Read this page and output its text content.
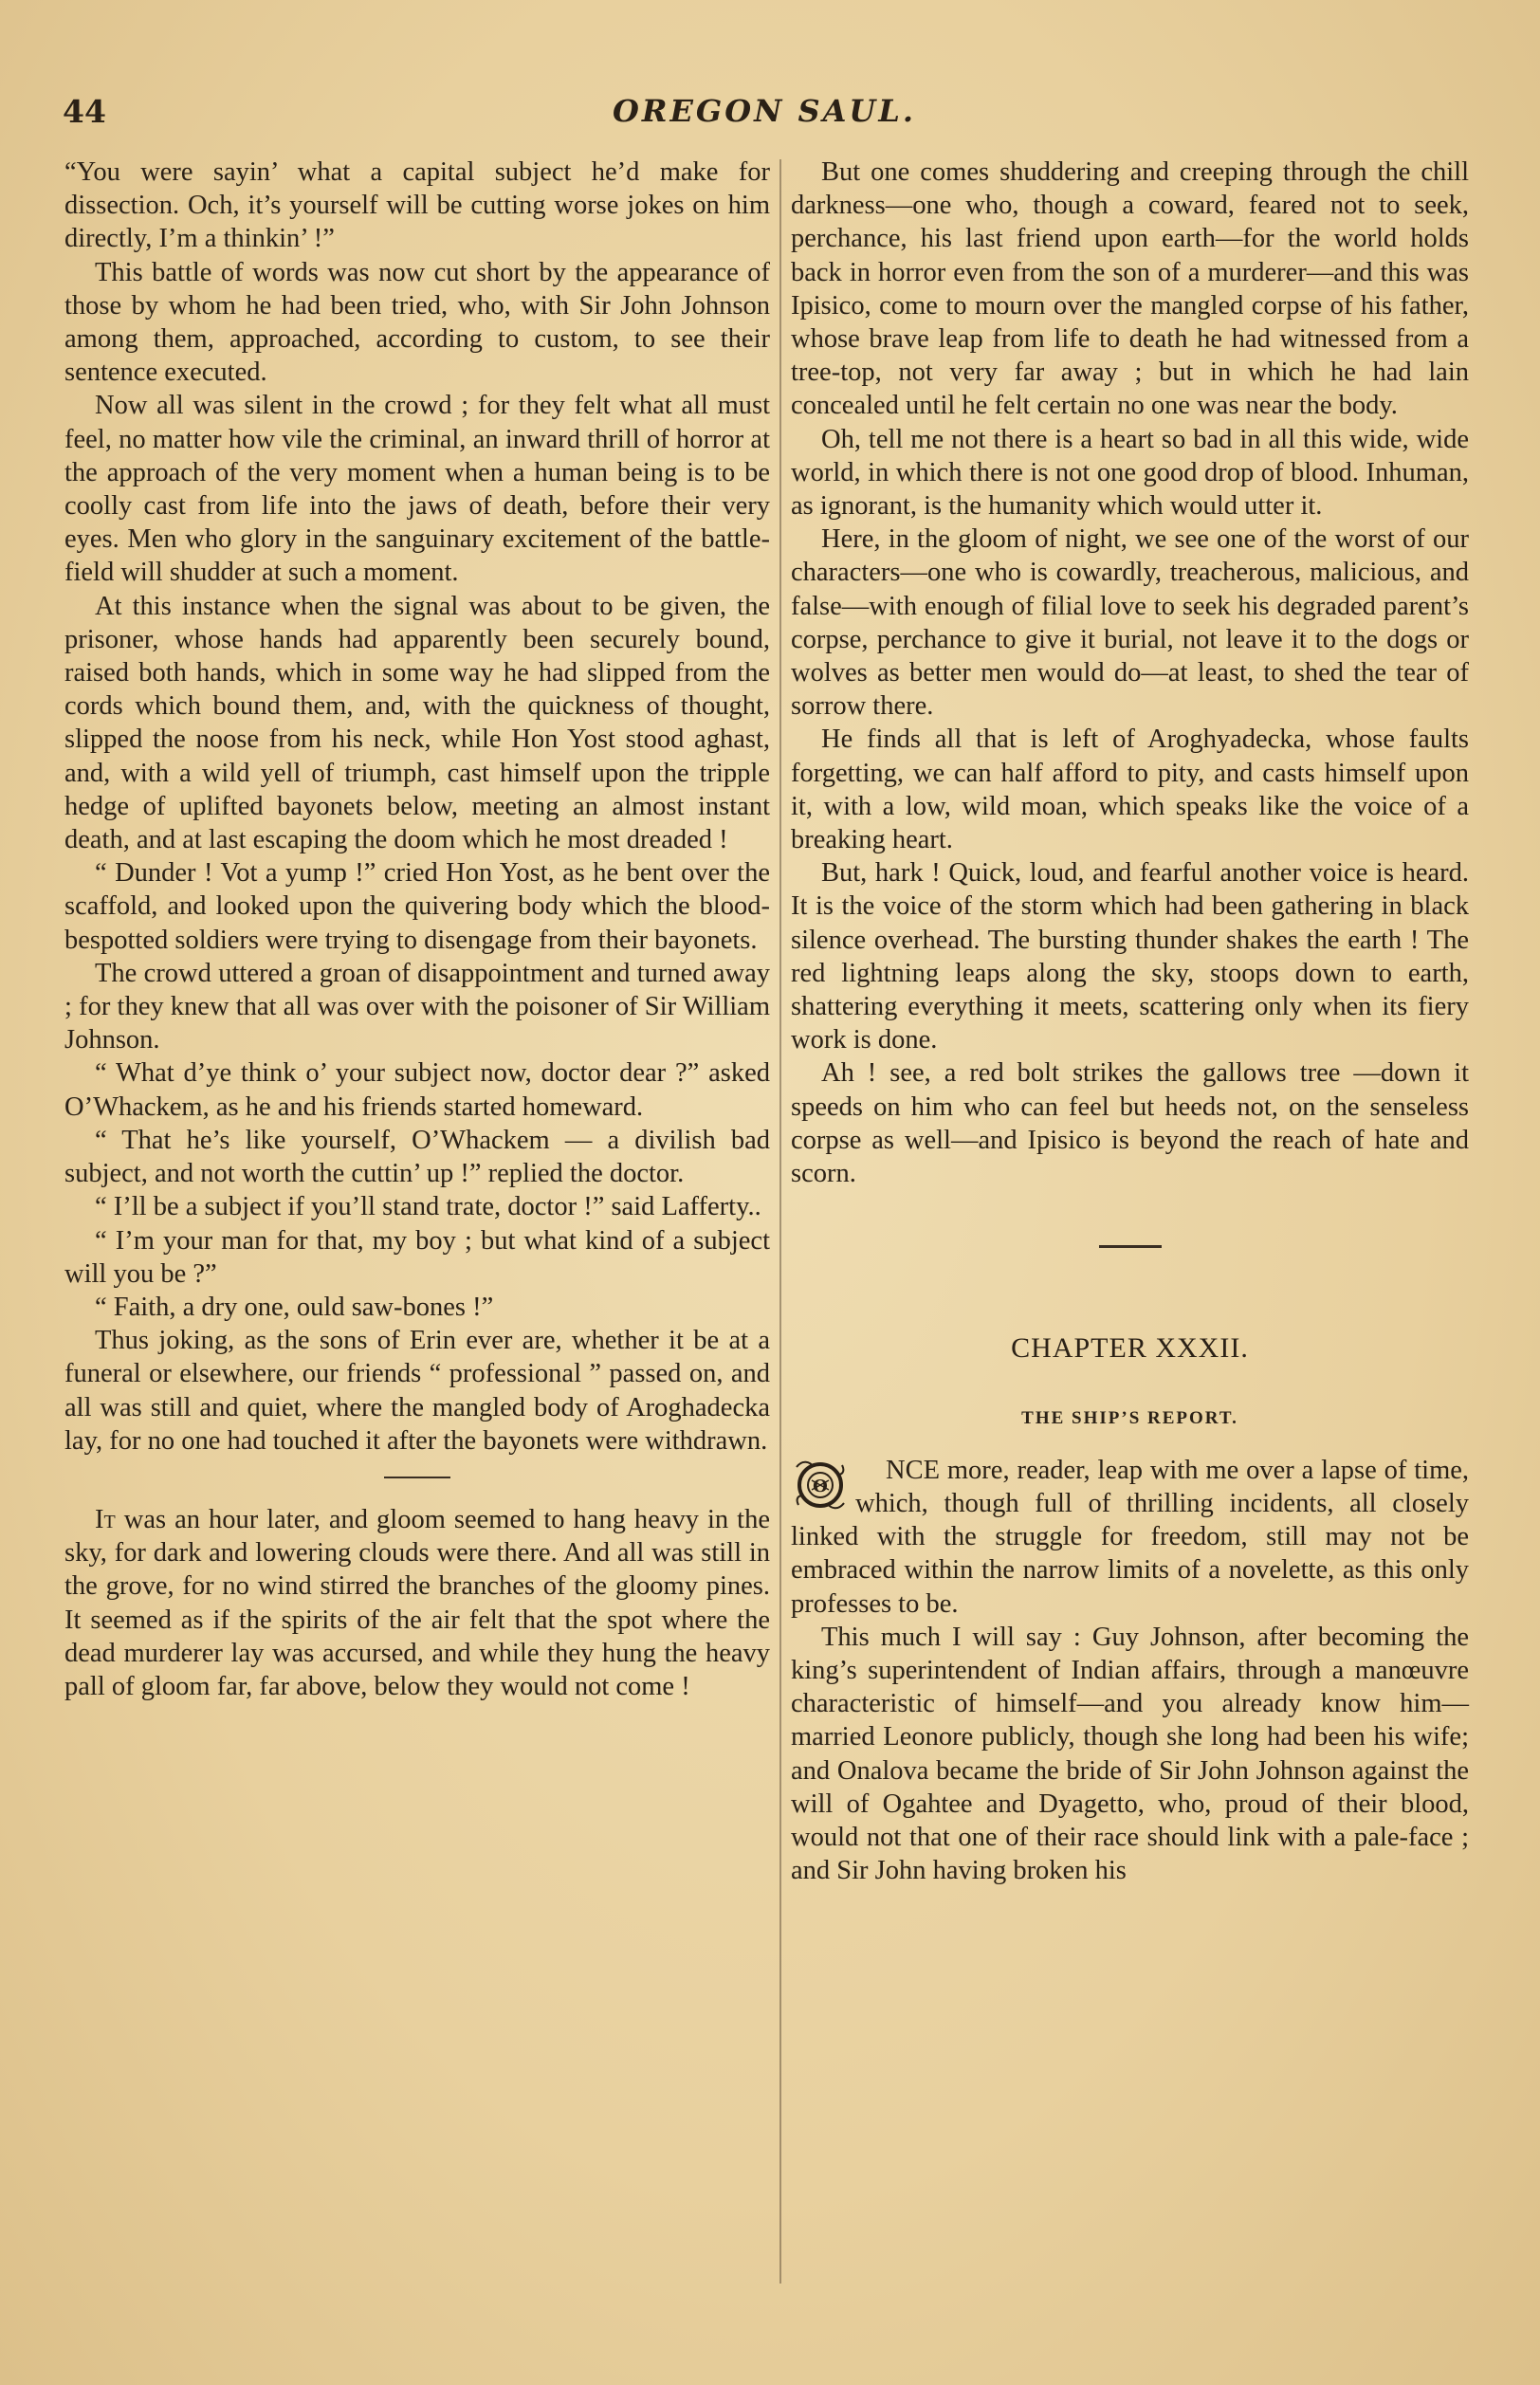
44	OREGON SAUL.

“You were sayin’ what a capital subject he’d make for dissection. Och, it’s yourself will be cutting worse jokes on him directly, I’m a thinkin’ !”

This battle of words was now cut short by the appearance of those by whom he had been tried, who, with Sir John Johnson among them, approached, according to custom, to see their sentence executed.

Now all was silent in the crowd ; for they felt what all must feel, no matter how vile the criminal, an inward thrill of horror at the approach of the very moment when a human being is to be coolly cast from life into the jaws of death, before their very eyes. Men who glory in the sanguinary excitement of the battle-field will shudder at such a moment.

At this instance when the signal was about to be given, the prisoner, whose hands had apparently been securely bound, raised both hands, which in some way he had slipped from the cords which bound them, and, with the quickness of thought, slipped the noose from his neck, while Hon Yost stood aghast, and, with a wild yell of triumph, cast himself upon the tripple hedge of uplifted bayonets below, meeting an almost instant death, and at last escaping the doom which he most dreaded !

“ Dunder ! Vot a yump !” cried Hon Yost, as he bent over the scaffold, and looked upon the quivering body which the blood-bespotted soldiers were trying to disengage from their bayonets.

The crowd uttered a groan of disappointment and turned away ; for they knew that all was over with the poisoner of Sir William Johnson.

“ What d’ye think o’ your subject now, doctor dear ?” asked O’Whackem, as he and his friends started homeward.

“ That he’s like yourself, O’Whackem — a divilish bad subject, and not worth the cuttin’ up !” replied the doctor.

“ I’ll be a subject if you’ll stand trate, doctor !” said Lafferty..

“ I’m your man for that, my boy ; but what kind of a subject will you be ?”

“ Faith, a dry one, ould saw-bones !”

Thus joking, as the sons of Erin ever are, whether it be at a funeral or elsewhere, our friends “ professional ” passed on, and all was still and quiet, where the mangled body of Aroghadecka lay, for no one had touched it after the bayonets were withdrawn.

It was an hour later, and gloom seemed to hang heavy in the sky, for dark and lowering clouds were there. And all was still in the grove, for no wind stirred the branches of the gloomy pines. It seemed as if the spirits of the air felt that the spot where the dead murderer lay was accursed, and while they hung the heavy pall of gloom far, far above, below they would not come !

But one comes shuddering and creeping through the chill darkness—one who, though a coward, feared not to seek, perchance, his last friend upon earth—for the world holds back in horror even from the son of a murderer—and this was Ipisico, come to mourn over the mangled corpse of his father, whose brave leap from life to death he had witnessed from a tree-top, not very far away ; but in which he had lain concealed until he felt certain no one was near the body.

Oh, tell me not there is a heart so bad in all this wide, wide world, in which there is not one good drop of blood. Inhuman, as ignorant, is the humanity which would utter it.

Here, in the gloom of night, we see one of the worst of our characters—one who is cowardly, treacherous, malicious, and false—with enough of filial love to seek his degraded parent’s corpse, perchance to give it burial, not leave it to the dogs or wolves as better men would do—at least, to shed the tear of sorrow there.

He finds all that is left of Aroghyadecka, whose faults forgetting, we can half afford to pity, and casts himself upon it, with a low, wild moan, which speaks like the voice of a breaking heart.

But, hark ! Quick, loud, and fearful another voice is heard. It is the voice of the storm which had been gathering in black silence overhead. The bursting thunder shakes the earth ! The red lightning leaps along the sky, stoops down to earth, shattering everything it meets, scattering only when its fiery work is done.

Ah ! see, a red bolt strikes the gallows tree —down it speeds on him who can feel but heeds not, on the senseless corpse as well—and Ipisico is beyond the reach of hate and scorn.

CHAPTER XXXII.
THE SHIP’S REPORT.

O
NCE more, reader, leap with me over a lapse of time, which, though full of thrilling incidents, all closely linked with the struggle for freedom, still may not be embraced within the narrow limits of a novelette, as this only professes to be.

This much I will say : Guy Johnson, after becoming the king’s superintendent of Indian affairs, through a manœuvre characteristic of himself—and you already know him—married Leonore publicly, though she long had been his wife; and Onalova became the bride of Sir John Johnson against the will of Ogahtee and Dyagetto, who, proud of their blood, would not that one of their race should link with a pale-face ; and Sir John having broken his
